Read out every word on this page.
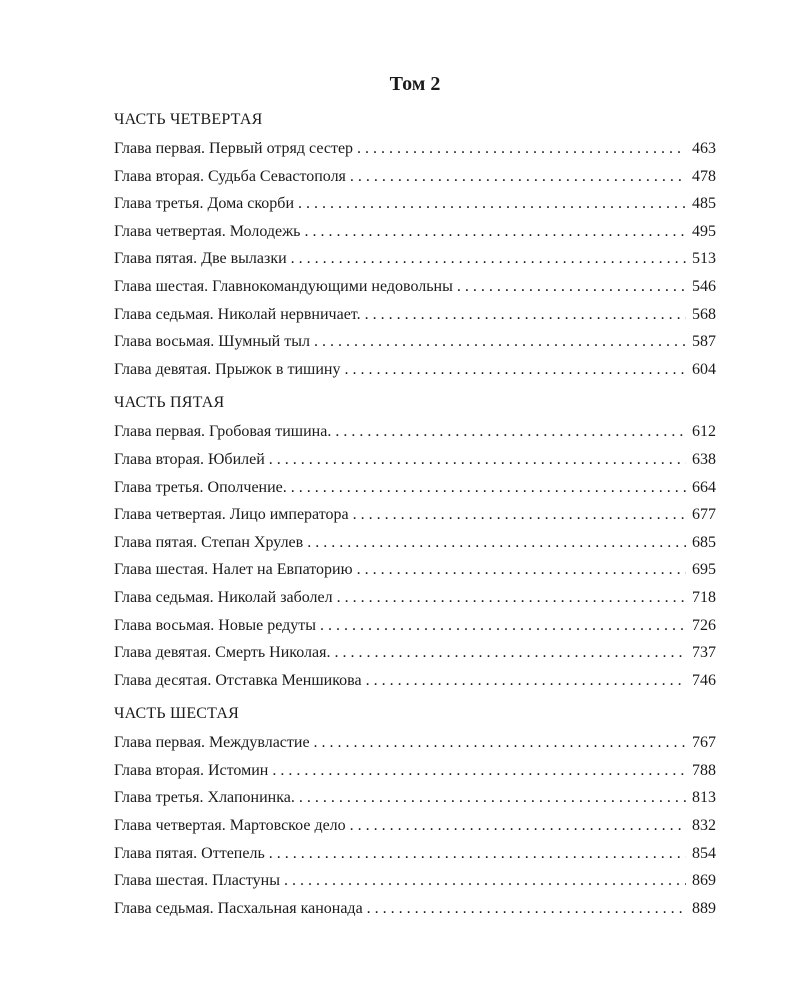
Том 2
ЧАСТЬ ЧЕТВЕРТАЯ
Глава первая. Первый отряд сестер . . .	463
Глава вторая. Судьба Севастополя . . .	478
Глава третья. Дома скорби . . .	485
Глава четвертая. Молодежь . . .	495
Глава пятая. Две вылазки . . .	513
Глава шестая. Главнокомандующими недовольны . . .	546
Глава седьмая. Николай нервничает. . . .	568
Глава восьмая. Шумный тыл . . .	587
Глава девятая. Прыжок в тишину . . .	604
ЧАСТЬ ПЯТАЯ
Глава первая. Гробовая тишина. . . .	612
Глава вторая. Юбилей . . .	638
Глава третья. Ополчение. . . .	664
Глава четвертая. Лицо императора . . .	677
Глава пятая. Степан Хрулев . . .	685
Глава шестая. Налет на Евпаторию . . .	695
Глава седьмая. Николай заболел . . .	718
Глава восьмая. Новые редуты . . .	726
Глава девятая. Смерть Николая. . . .	737
Глава десятая. Отставка Меншикова . . .	746
ЧАСТЬ ШЕСТАЯ
Глава первая. Междувластие . . .	767
Глава вторая. Истомин . . .	788
Глава третья. Хлапонинка. . . .	813
Глава четвертая. Мартовское дело . . .	832
Глава пятая. Оттепель . . .	854
Глава шестая. Пластуны . . .	869
Глава седьмая. Пасхальная канонада . . .	889
